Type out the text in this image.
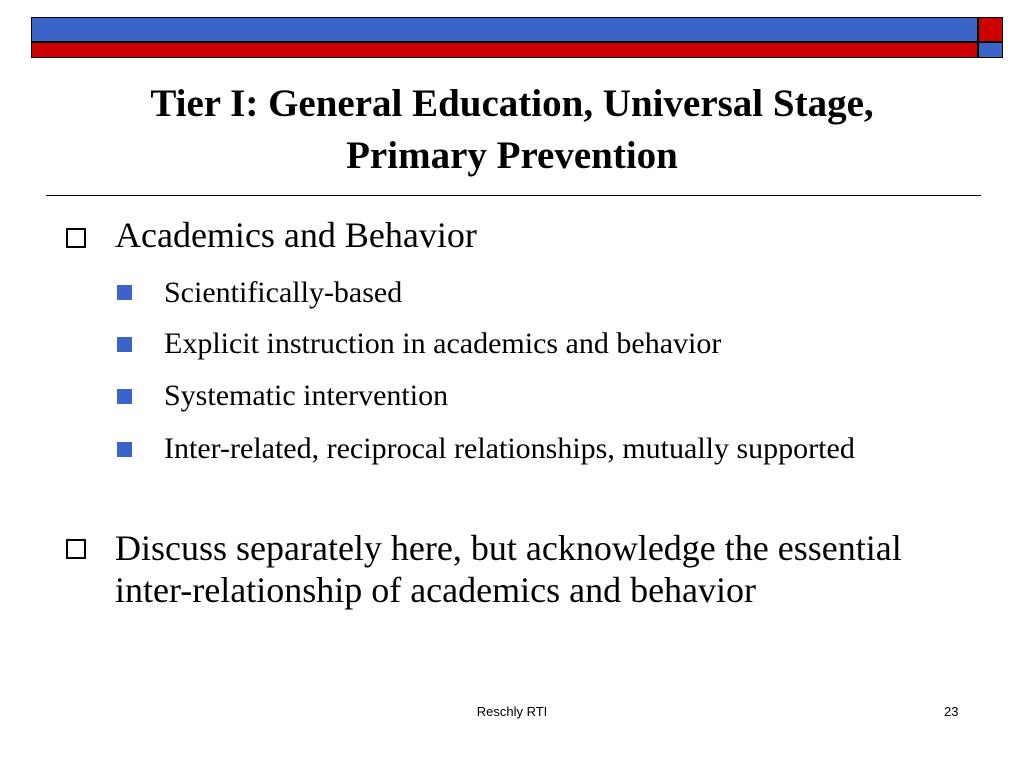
Tier I: General Education, Universal Stage,
Primary Prevention
Academics and Behavior
Scientifically-based
Explicit instruction in academics and behavior
Systematic intervention
Inter-related, reciprocal relationships, mutually supported
Discuss separately here, but acknowledge the essential inter-relationship of academics and behavior
Reschly RTI	23
